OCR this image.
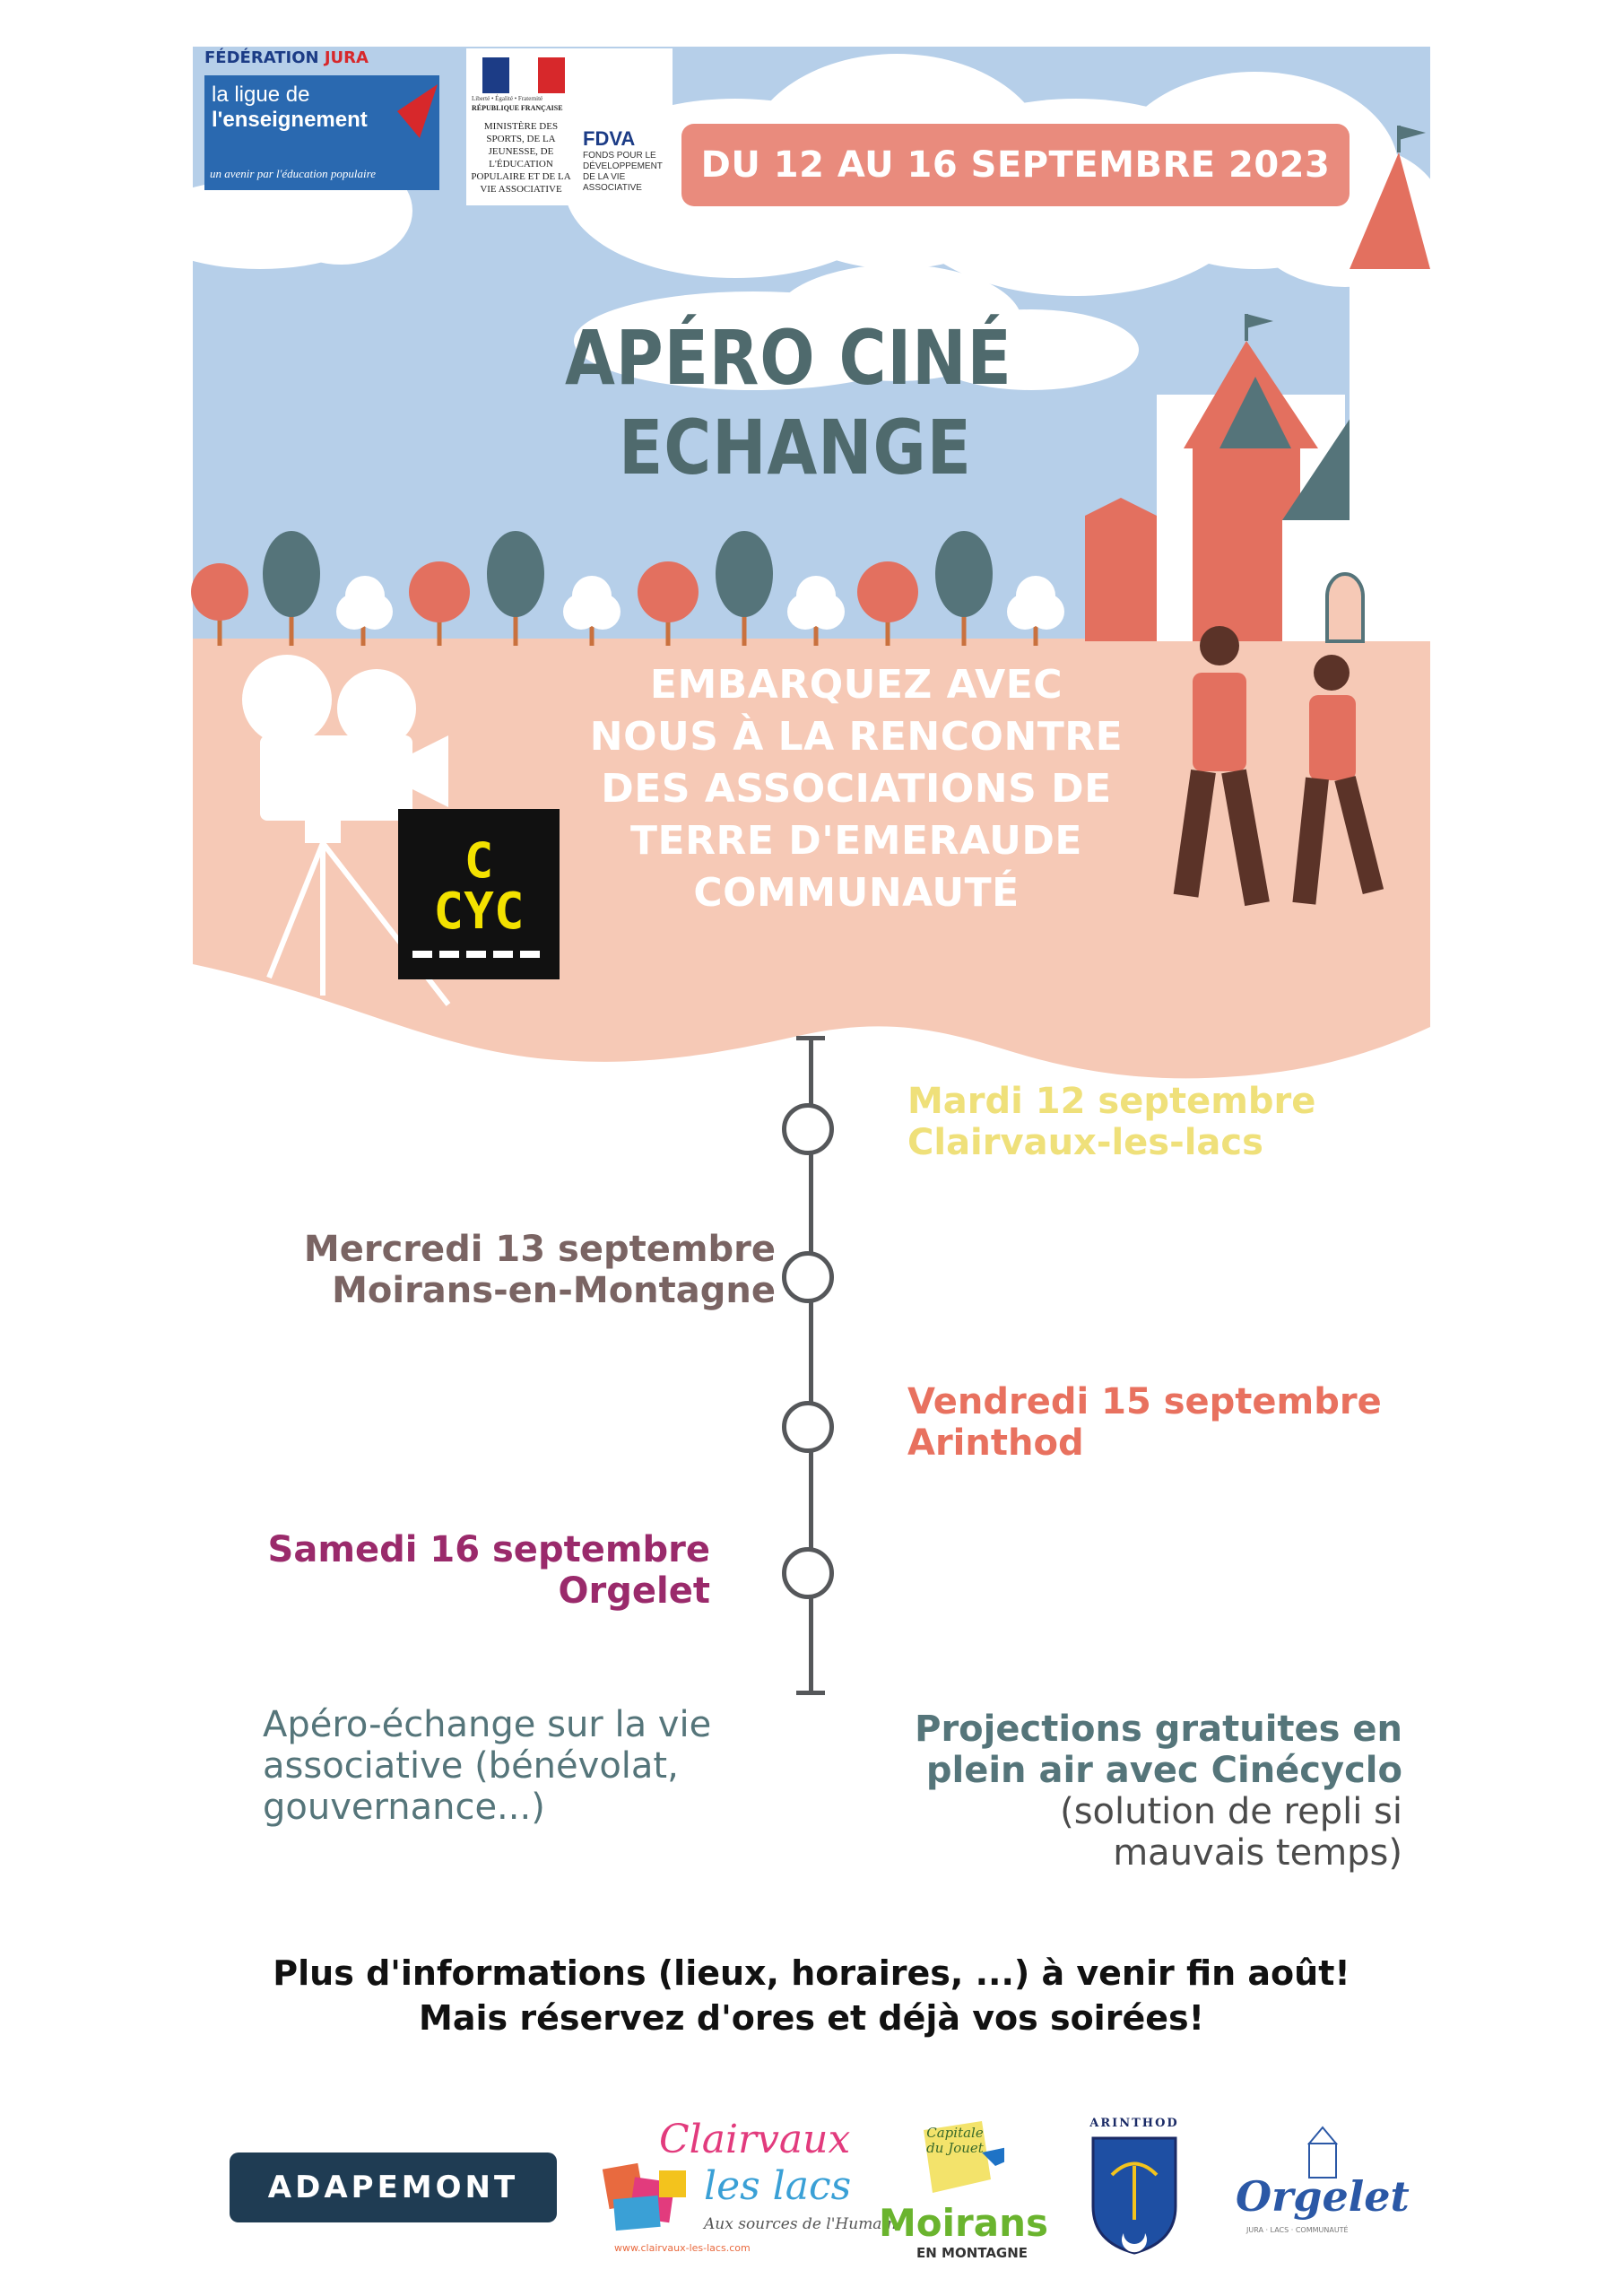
FÉDÉRATION JURA
la ligue de
l'enseignement
un avenir par l'éducation populaire
Liberté • Égalité • Fraternité
RÉPUBLIQUE FRANÇAISE
MINISTÈRE DES SPORTS, DE LA JEUNESSE, DE L'ÉDUCATION POPULAIRE ET DE LA VIE ASSOCIATIVE
FDVA
FONDS POUR LE DÉVELOPPEMENT DE LA VIE ASSOCIATIVE
DU 12 AU 16 SEPTEMBRE 2023
APÉRO CINÉ
ECHANGE
EMBARQUEZ AVEC
NOUS À LA RENCONTRE
DES ASSOCIATIONS DE
TERRE D'EMERAUDE
COMMUNAUTÉ
C
CYC
Mardi 12 septembre
Clairvaux-les-lacs
Mercredi 13 septembre
Moirans-en-Montagne
Vendredi 15 septembre
Arinthod
Samedi 16 septembre
Orgelet
Apéro-échange sur la vie
associative (bénévolat,
gouvernance...)
Projections gratuites en
plein air avec Cinécyclo
(solution de repli si
mauvais temps)
Plus d'informations (lieux, horaires, ...) à venir fin août!
Mais réservez d'ores et déjà vos soirées!
ADAPEMONT
Clairvaux
les lacs
Aux sources de l'Humain
www.clairvaux-les-lacs.com
Capitale du Jouet
Moirans
EN MONTAGNE
ARINTHOD
Orgelet
JURA · LACS · COMMUNAUTÉ
